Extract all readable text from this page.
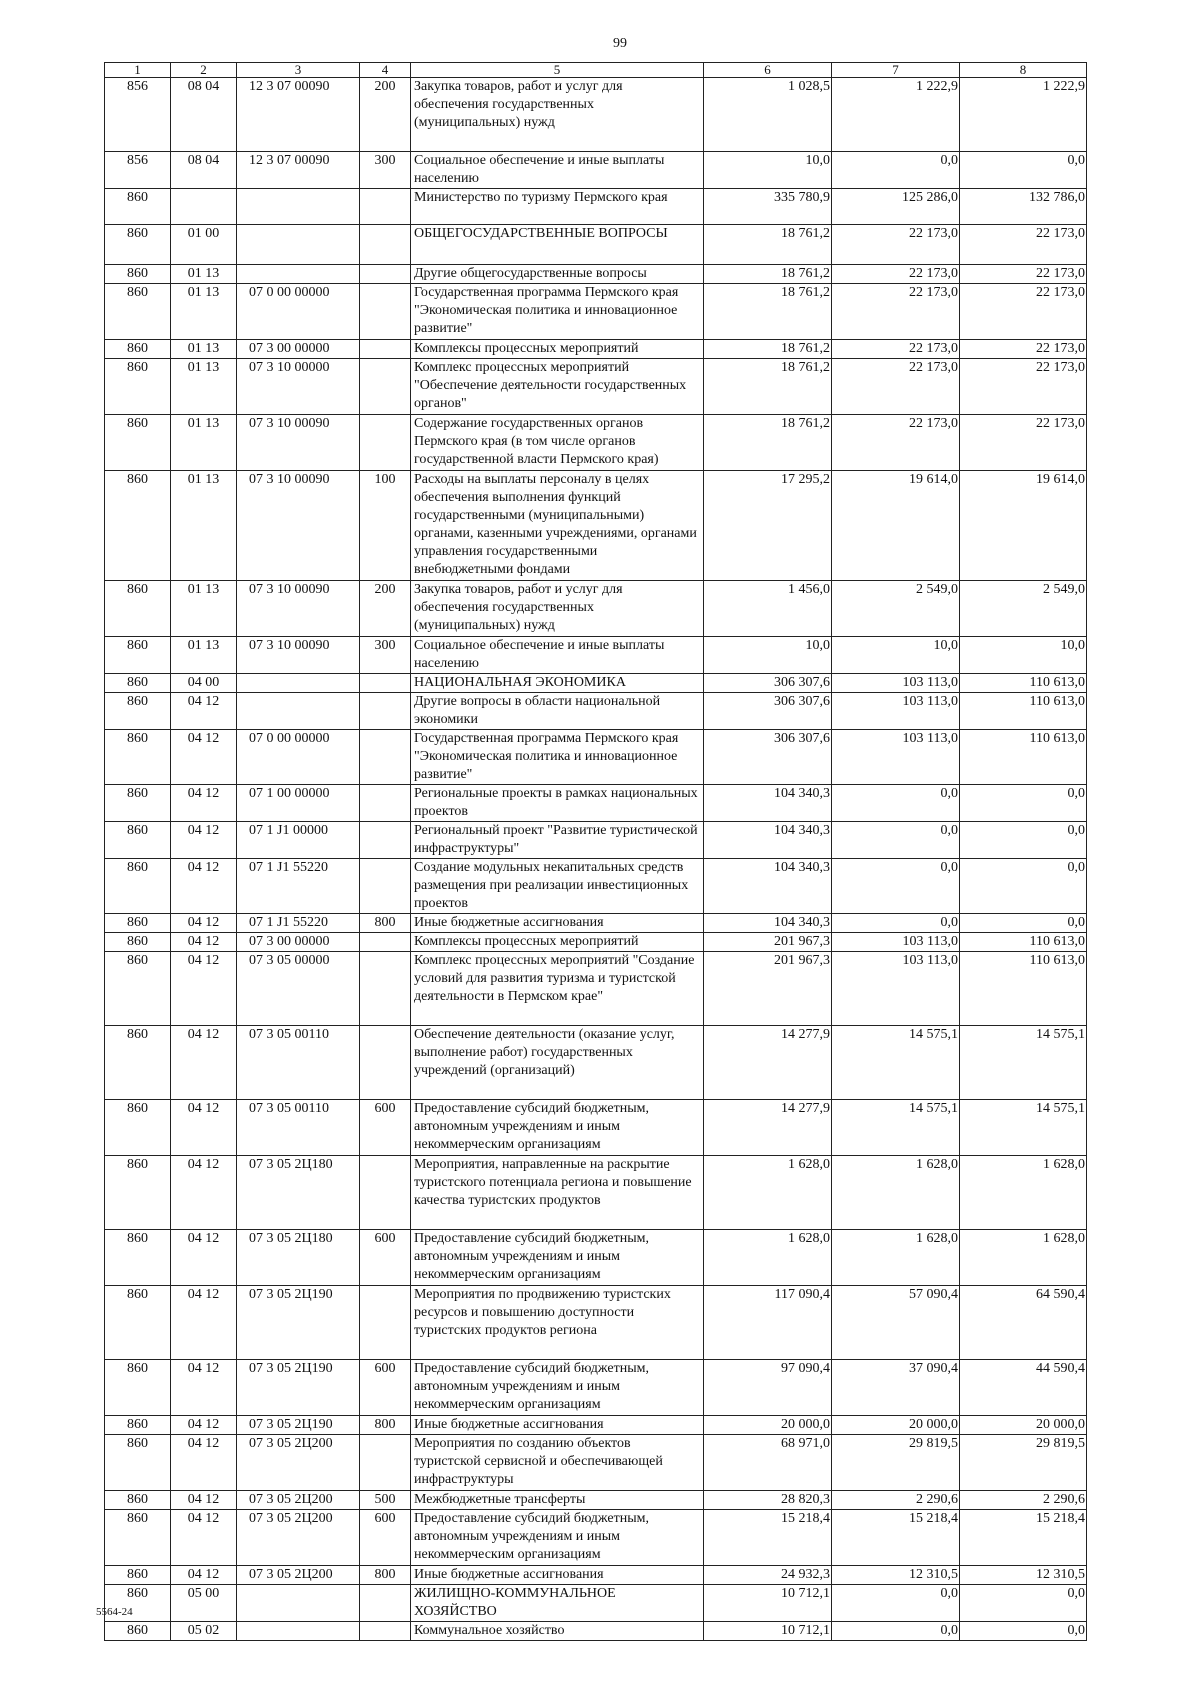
99
1	2	3	4	5	6	7	8
856	08 04	12 3 07 00090	200	Закупка товаров, работ и услуг для обеспечения государственных (муниципальных) нужд	1 028,5	1 222,9	1 222,9
856	08 04	12 3 07 00090	300	Социальное обеспечение и иные выплаты населению	10,0	0,0	0,0
860				Министерство по туризму Пермского края	335 780,9	125 286,0	132 786,0
860	01 00			ОБЩЕГОСУДАРСТВЕННЫЕ ВОПРОСЫ	18 761,2	22 173,0	22 173,0
860	01 13			Другие общегосударственные вопросы	18 761,2	22 173,0	22 173,0
860	01 13	07 0 00 00000		Государственная программа Пермского края "Экономическая политика и инновационное развитие"	18 761,2	22 173,0	22 173,0
860	01 13	07 3 00 00000		Комплексы процессных мероприятий	18 761,2	22 173,0	22 173,0
860	01 13	07 3 10 00000		Комплекс процессных мероприятий "Обеспечение деятельности государственных органов"	18 761,2	22 173,0	22 173,0
860	01 13	07 3 10 00090		Содержание государственных органов Пермского края (в том числе органов государственной власти Пермского края)	18 761,2	22 173,0	22 173,0
860	01 13	07 3 10 00090	100	Расходы на выплаты персоналу в целях обеспечения выполнения функций государственными (муниципальными) органами, казенными учреждениями, органами управления государственными внебюджетными фондами	17 295,2	19 614,0	19 614,0
860	01 13	07 3 10 00090	200	Закупка товаров, работ и услуг для обеспечения государственных (муниципальных) нужд	1 456,0	2 549,0	2 549,0
860	01 13	07 3 10 00090	300	Социальное обеспечение и иные выплаты населению	10,0	10,0	10,0
860	04 00			НАЦИОНАЛЬНАЯ ЭКОНОМИКА	306 307,6	103 113,0	110 613,0
860	04 12			Другие вопросы в области национальной экономики	306 307,6	103 113,0	110 613,0
860	04 12	07 0 00 00000		Государственная программа Пермского края "Экономическая политика и инновационное развитие"	306 307,6	103 113,0	110 613,0
860	04 12	07 1 00 00000		Региональные проекты в рамках национальных проектов	104 340,3	0,0	0,0
860	04 12	07 1 J1 00000		Региональный проект "Развитие туристической инфраструктуры"	104 340,3	0,0	0,0
860	04 12	07 1 J1 55220		Создание модульных некапитальных средств размещения при реализации инвестиционных проектов	104 340,3	0,0	0,0
860	04 12	07 1 J1 55220	800	Иные бюджетные ассигнования	104 340,3	0,0	0,0
860	04 12	07 3 00 00000		Комплексы процессных мероприятий	201 967,3	103 113,0	110 613,0
860	04 12	07 3 05 00000		Комплекс процессных мероприятий "Создание условий для развития туризма и туристской деятельности в Пермском крае"	201 967,3	103 113,0	110 613,0
860	04 12	07 3 05 00110		Обеспечение деятельности (оказание услуг, выполнение работ) государственных учреждений (организаций)	14 277,9	14 575,1	14 575,1
860	04 12	07 3 05 00110	600	Предоставление субсидий бюджетным, автономным учреждениям и иным некоммерческим организациям	14 277,9	14 575,1	14 575,1
860	04 12	07 3 05 2Ц180		Мероприятия, направленные на раскрытие туристского потенциала региона и повышение качества туристских продуктов	1 628,0	1 628,0	1 628,0
860	04 12	07 3 05 2Ц180	600	Предоставление субсидий бюджетным, автономным учреждениям и иным некоммерческим организациям	1 628,0	1 628,0	1 628,0
860	04 12	07 3 05 2Ц190		Мероприятия по продвижению туристских ресурсов и повышению доступности туристских продуктов региона	117 090,4	57 090,4	64 590,4
860	04 12	07 3 05 2Ц190	600	Предоставление субсидий бюджетным, автономным учреждениям и иным некоммерческим организациям	97 090,4	37 090,4	44 590,4
860	04 12	07 3 05 2Ц190	800	Иные бюджетные ассигнования	20 000,0	20 000,0	20 000,0
860	04 12	07 3 05 2Ц200		Мероприятия по созданию объектов туристской сервисной и обеспечивающей инфраструктуры	68 971,0	29 819,5	29 819,5
860	04 12	07 3 05 2Ц200	500	Межбюджетные трансферты	28 820,3	2 290,6	2 290,6
860	04 12	07 3 05 2Ц200	600	Предоставление субсидий бюджетным, автономным учреждениям и иным некоммерческим организациям	15 218,4	15 218,4	15 218,4
860	04 12	07 3 05 2Ц200	800	Иные бюджетные ассигнования	24 932,3	12 310,5	12 310,5
860	05 00			ЖИЛИЩНО-КОММУНАЛЬНОЕ ХОЗЯЙСТВО	10 712,1	0,0	0,0
860	05 02			Коммунальное хозяйство	10 712,1	0,0	0,0
5564-24
